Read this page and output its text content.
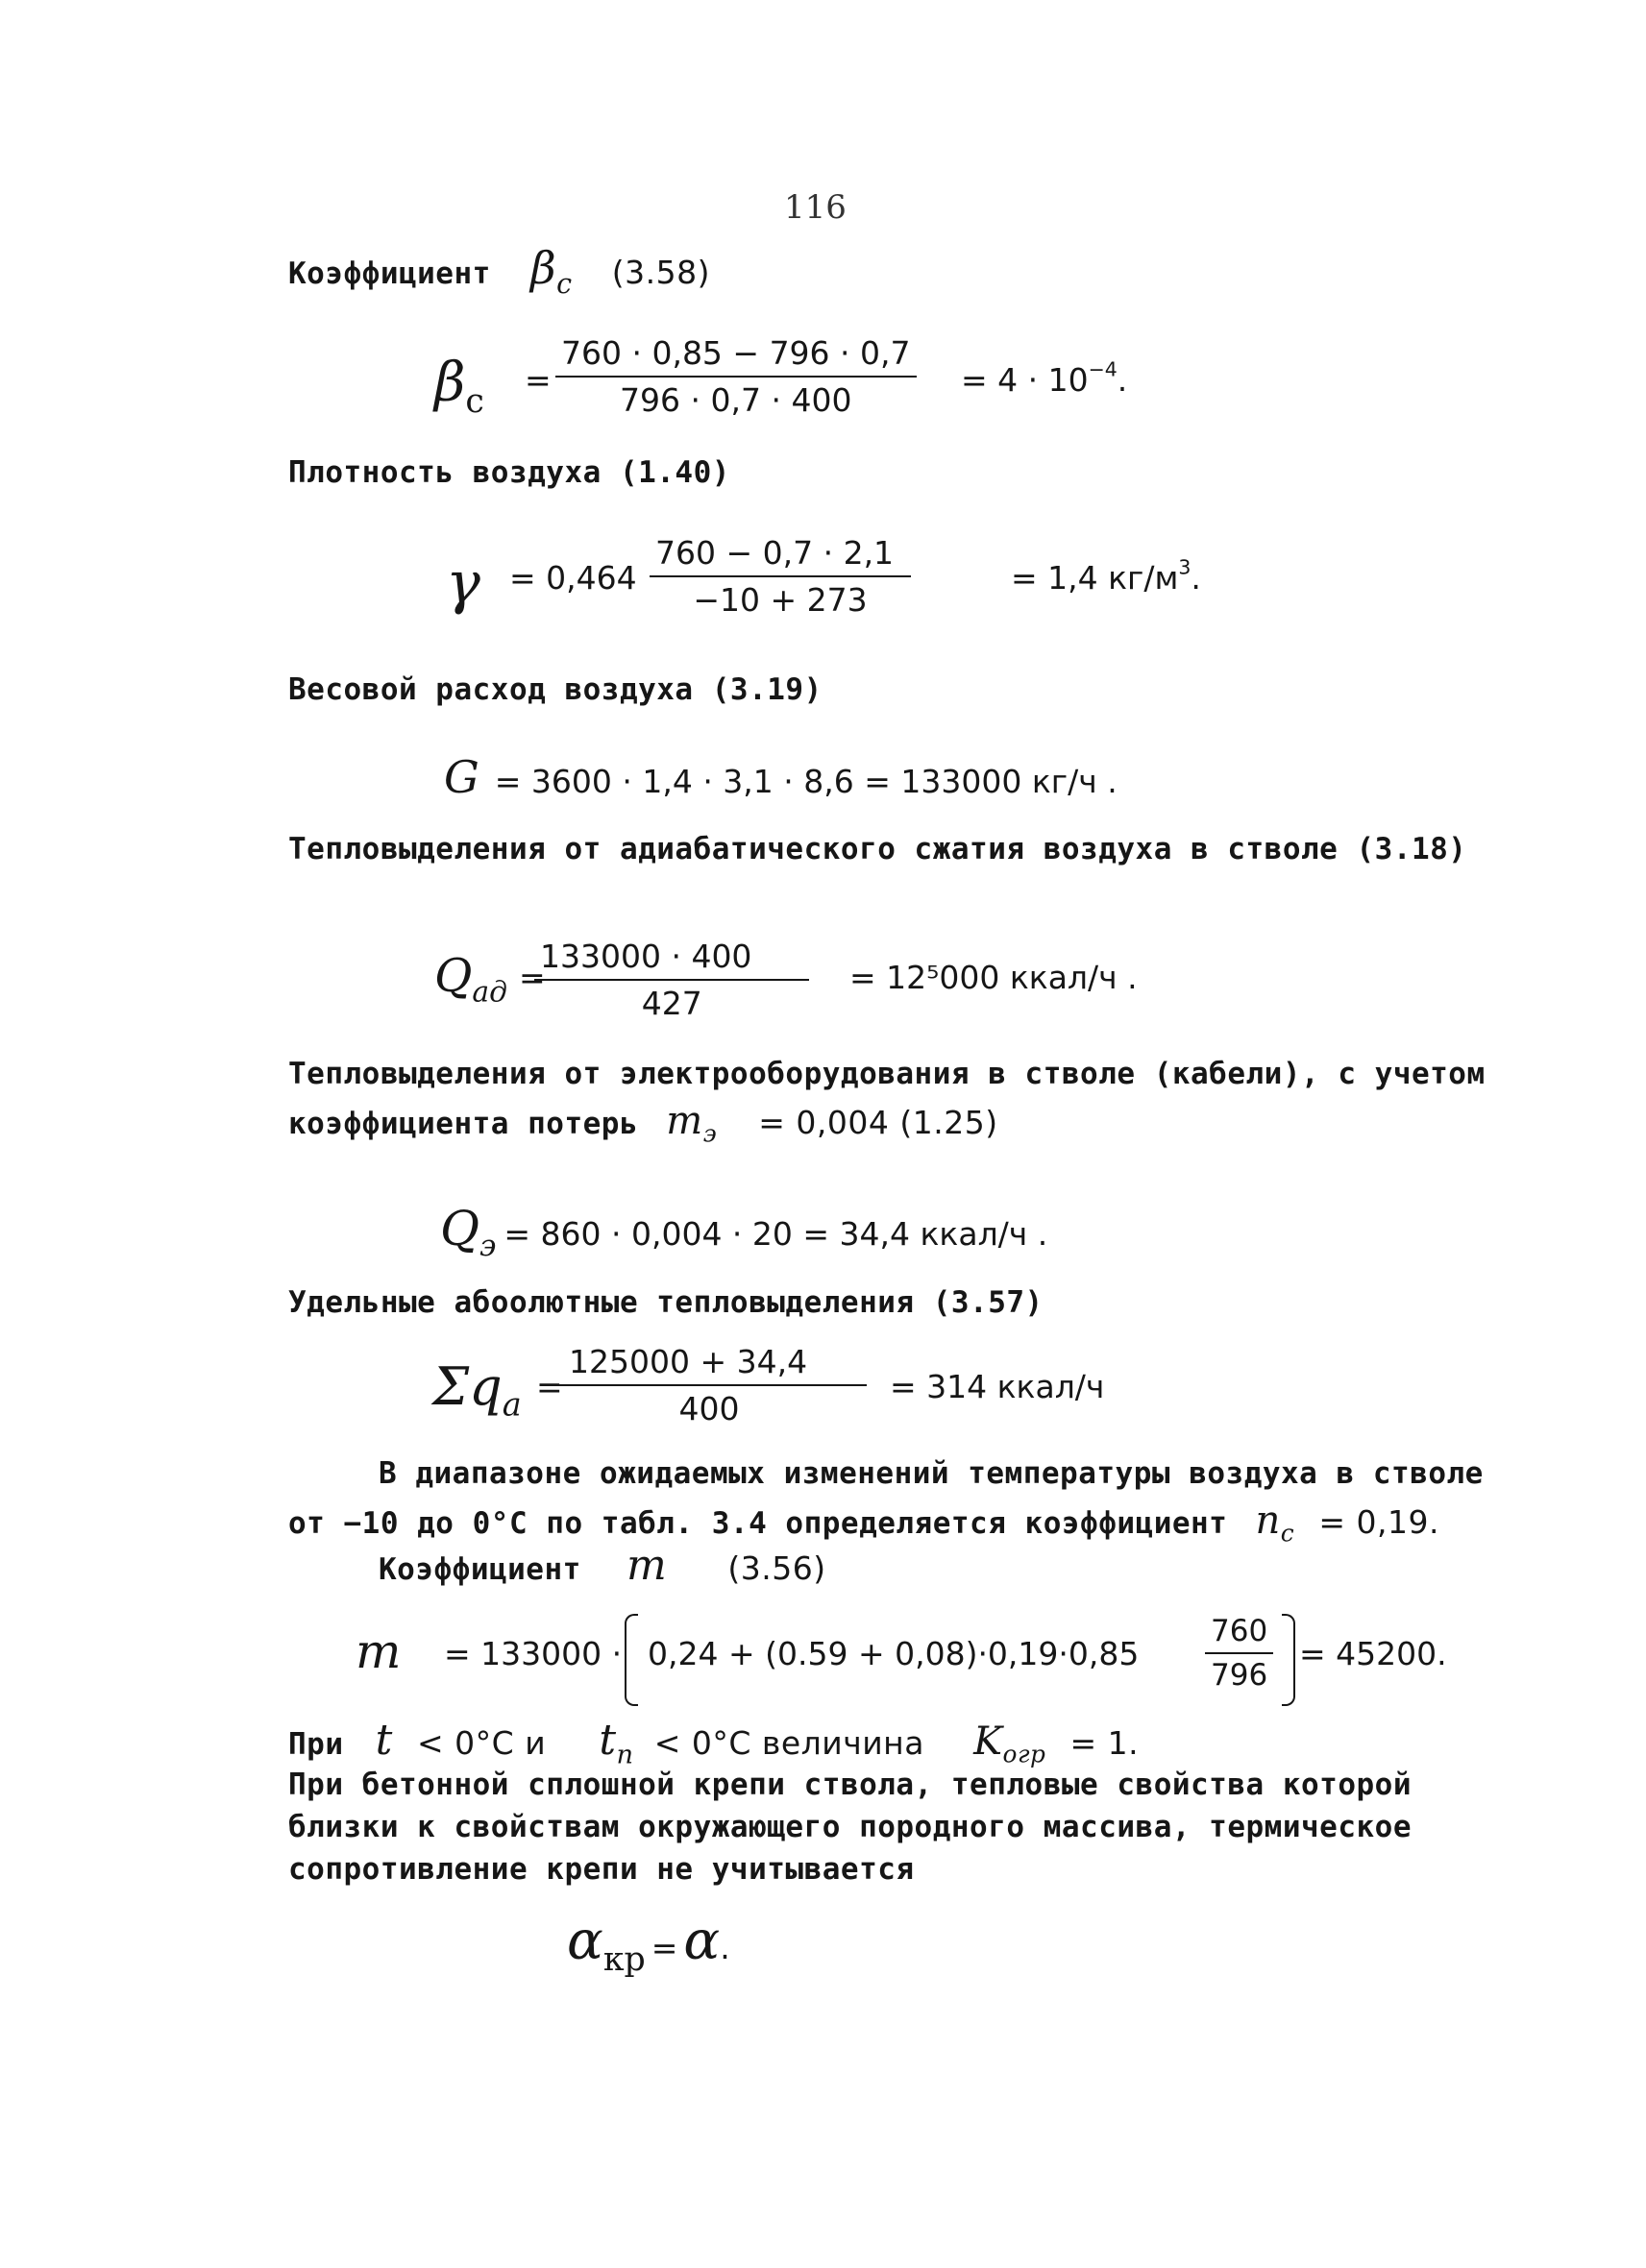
116
Коэффициент $\beta_c$ (3.58)
$\beta_c$
= $\frac{760 \cdot 0,85 - 796 \cdot 0,7}{796 \cdot 0,7 \cdot 400} = 4 \cdot 10^{-4}$.
Плотность воздуха (1.40)
$\gamma = 0,464 \frac{760 - 0,7 \cdot 2,1}{-10 + 273}$	= 1,4 $кг/м^3$.
Весовой расход воздуха (3.19)
G = 3600 · 1,4 · 3,1 · 8,6 = 133000 кг/ч .
Тепловыделения от адиабатического сжатия воздуха в стволе (3.18)
$Q_{ад}$ =
$\frac{133000 \cdot 400}{427} = 12^5000$ ккал/ч .
Тепловыделения от электрооборудования в стволе (кабели), с учетом
коэффициента потерь $m_э = 0,004$ (1.25)
$Q_э = 860 \cdot 0,004 \cdot 20 = 34,4$ ккал/ч .
Удельные абоолютные тепловыделения (3.57)
$\Sigma q_а$ =
$\frac{125000 + 34,4}{400} = 314$ ккал/ч
В диапазоне ожидаемых изменений температуры воздуха в стволе
от −10 до 0°С по табл. 3.4 определяется коэффициент $n_c = 0,19$.
Коэффициент m (3.56)
$m = 133000 \cdot 0,24 + (0.59 + 0,08)\cdot 0,19\cdot 0,85 \frac{760}{796} = 45200$.
При t < 0°С и $t_п < 0^\circ С$ величина $K_{огр} = 1$.
При бетонной сплошной крепи ствола, тепловые свойства которой
близки к свойствам окружающего породного массива, термическое
сопротивление крепи не учитывается
$\alpha_{кр} = \alpha$.
